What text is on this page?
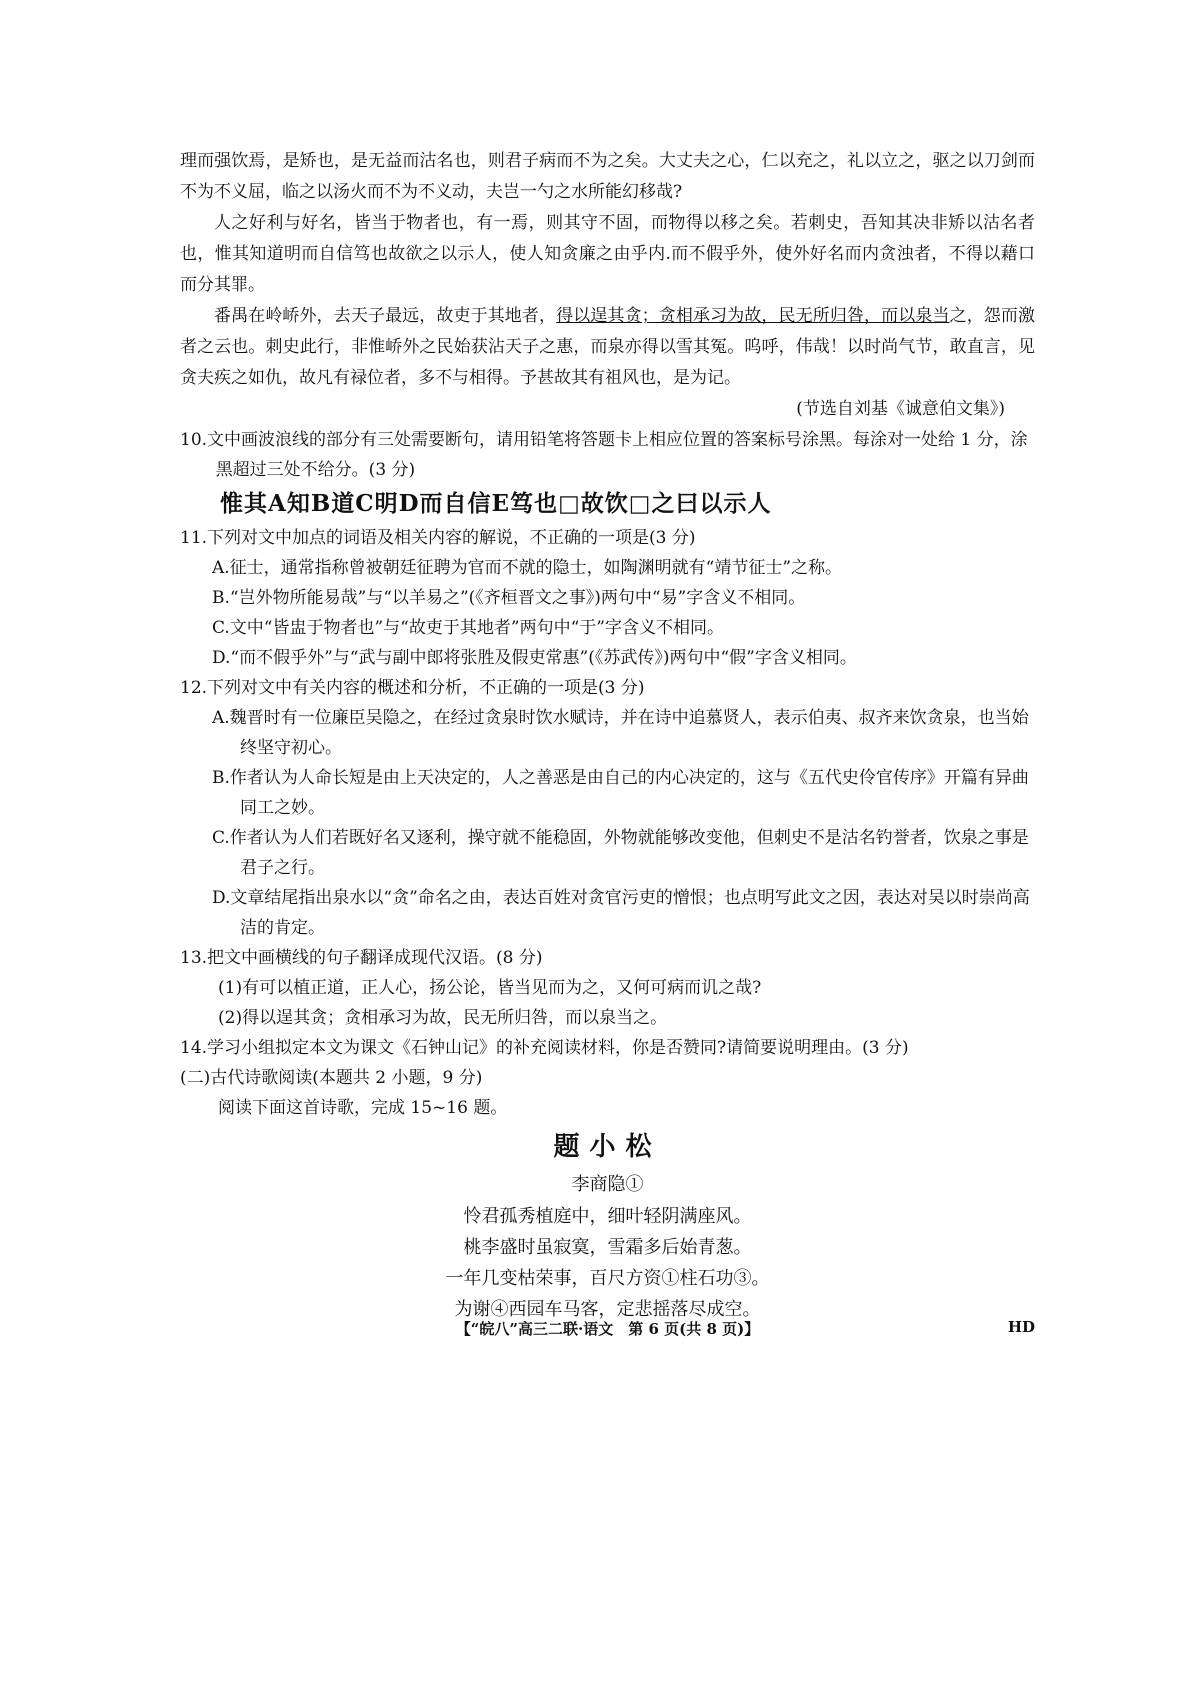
理而强饮焉，是矫也，是无益而沽名也，则君子病而不为之矣。大丈夫之心，仁以充之，礼以立之，驱之以刀剑而不为不义屈，临之以汤火而不为不义动，夫岂一勺之水所能幻移哉?

人之好利与好名，皆当于物者也，有一焉，则其守不固，而物得以移之矣。若刺史，吾知其决非矫以沽名者也，惟其知道明而自信笃也故欲之以示人，使人知贪廉之由乎内.而不假乎外，使外好名而内贪浊者，不得以藉口而分其罪。

番禺在岭峤外，去天子最远，故吏于其地者，得以逞其贪；贪相承习为故，民无所归咎，而以泉当之，怨而激者之云也。刺史此行，非惟峤外之民始获沾天子之惠，而泉亦得以雪其冤。呜呼，伟哉！以时尚气节，敢直言，见贪夫疾之如仇，故凡有禄位者，多不与相得。予甚故其有祖风也，是为记。

(节选自刘基《诚意伯文集》)

10.文中画波浪线的部分有三处需要断句，请用铅笔将答题卡上相应位置的答案标号涂黑。每涂对一处给 1 分，涂黑超过三处不给分。(3 分)

惟其A知B道C明D而自信E笃也□故饮□之曰以示人

11.下列对文中加点的词语及相关内容的解说，不正确的一项是(3 分)

A.征士，通常指称曾被朝廷征聘为官而不就的隐士，如陶渊明就有“靖节征士”之称。

B.“岂外物所能易哉”与“以羊易之”(《齐桓晋文之事》)两句中“易”字含义不相同。

C.文中“皆盅于物者也”与“故吏于其地者”两句中“于”字含义不相同。

D.“而不假乎外”与“武与副中郎将张胜及假吏常惠”(《苏武传》)两句中“假”字含义相同。

12.下列对文中有关内容的概述和分析，不正确的一项是(3 分)

A.魏晋时有一位廉臣吴隐之，在经过贪泉时饮水赋诗，并在诗中追慕贤人，表示伯夷、叔齐来饮贪泉，也当始终坚守初心。

B.作者认为人命长短是由上天决定的，人之善恶是由自己的内心决定的，这与《五代史伶官传序》开篇有异曲同工之妙。

C.作者认为人们若既好名又逐利，操守就不能稳固，外物就能够改变他，但刺史不是沽名钓誉者，饮泉之事是君子之行。

D.文章结尾指出泉水以“贪”命名之由，表达百姓对贪官污吏的憎恨；也点明写此文之因，表达对吴以时崇尚高洁的肯定。

13.把文中画横线的句子翻译成现代汉语。(8 分)

(1)有可以植正道，正人心，扬公论，皆当见而为之，又何可病而讥之哉?

(2)得以逞其贪；贪相承习为故，民无所归咎，而以泉当之。

14.学习小组拟定本文为课文《石钟山记》的补充阅读材料，你是否赞同?请简要说明理由。(3 分)

(二)古代诗歌阅读(本题共 2 小题，9 分)

阅读下面这首诗歌，完成 15~16 题。

题小松
李商隐①
怜君孤秀植庭中，细叶轻阴满座风。
桃李盛时虽寂寞，雪霜多后始青葱。
一年几变枯荣事，百尺方资①柱石功③。
为谢④西园车马客，定悲摇落尽成空。
【“皖八”高三二联·语文　第 6 页(共 8 页)】	HD
